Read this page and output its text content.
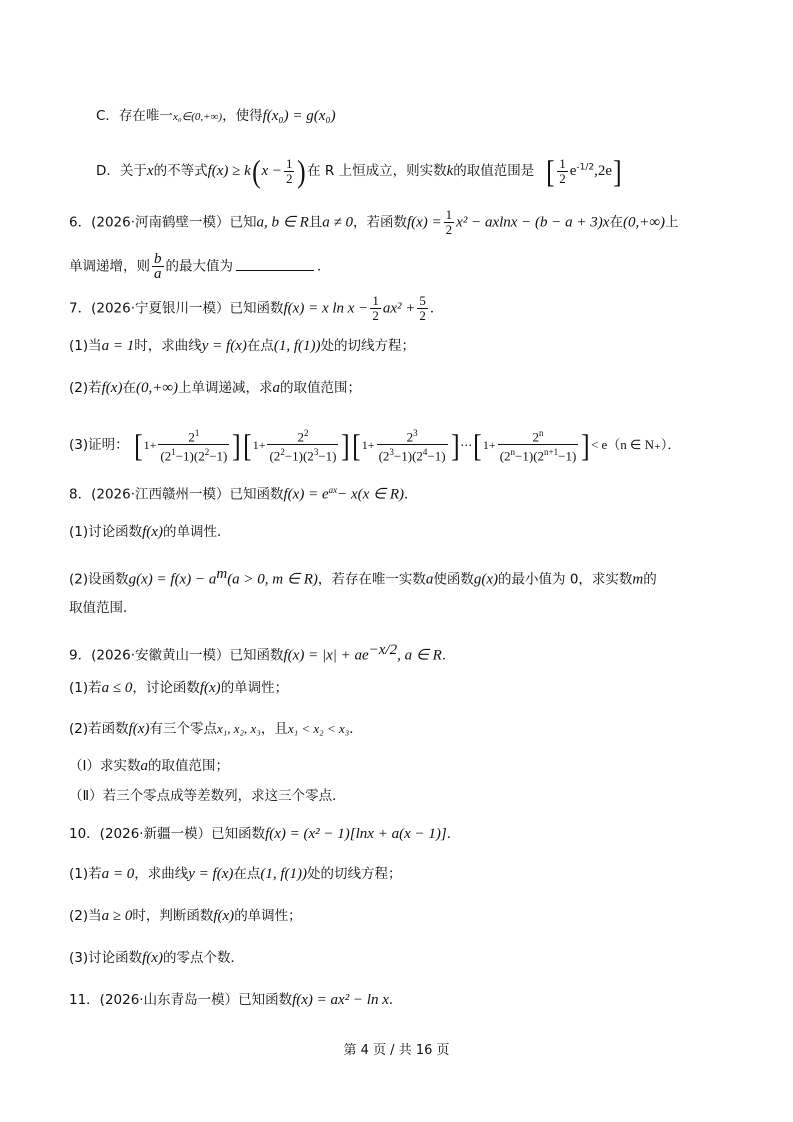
C．存在唯一x₀∈(0,+∞)，使得f(x₀) = g(x₀)
D．关于x的不等式$f(x) \ge k(x - \frac{1}{2}$ )在 R 上恒成立，则实数k的取值范围是 [ $\frac{1}{2} e^{-1/2},2e$]
6．(2026·河南鹤壁一模）已知a, b ∈ R且a ≠ 0，若函数$f(x) = \frac{1}{2} x^2 - axlnx - (b - a + 3)x$在(0,+∞)上
单调递增，则 $\frac{b}{a}$ 的最大值为	．
7．(2026·宁夏银川一模）已知函数f(x) = x $\ln x - \frac{1}{2} ax^2 + \frac{5}{2}$ ．
(1)当a = 1时，求曲线y = f(x)在点(1, f(1))处的切线方程；
(2)若f(x)在(0,+∞)上单调递减，求a的取值范围；
(3)证明： $[1+ \frac{2^1}{(2^1-1)(2^2-1)} ][1+ \frac{2^2}{(2^2-1)(2^3-1)} ][1+ \frac{2^3}{(2^3-1)(2^4-1)}$ ]⋯[1+ $\frac{2^n}{(2^n-1)(2^{n+1}-1)}$ ]< e（n ∈ N₊）．
8．(2026·江西赣州一模）已知函数$f(x) = e^{ax}- x(x$ ∈ R)．
(1)讨论函数f(x)的单调性．
(2)设函数$g(x) = f(x) - a^m(a > 0$, m ∈ R)，若存在唯一实数a使函数g(x)的最小值为 0，求实数m的
取值范围．
9．(2026·安徽黄山一模）已知函数$f(x) = |x| + ae^{-x/2}$, a ∈ R．
(1)若a ≤ 0，讨论函数f(x)的单调性；
(2)若函数f(x)有三个零点x₁, x₂, x₃，且x₁ < x₂ < x₃．
（Ⅰ）求实数a的取值范围；
（Ⅱ）若三个零点成等差数列，求这三个零点．
10．(2026·新疆一模）已知函数f(x) = (x² − 1)[lnx + a(x − 1)]．
(1)若a = 0，求曲线y = f(x)在点(1, f(1))处的切线方程；
(2)当a ≥ 0时，判断函数f(x)的单调性；
(3)讨论函数f(x)的零点个数．
11．(2026·山东青岛一模）已知函数f(x) = ax² − ln x．
第 4 页 / 共 16 页
